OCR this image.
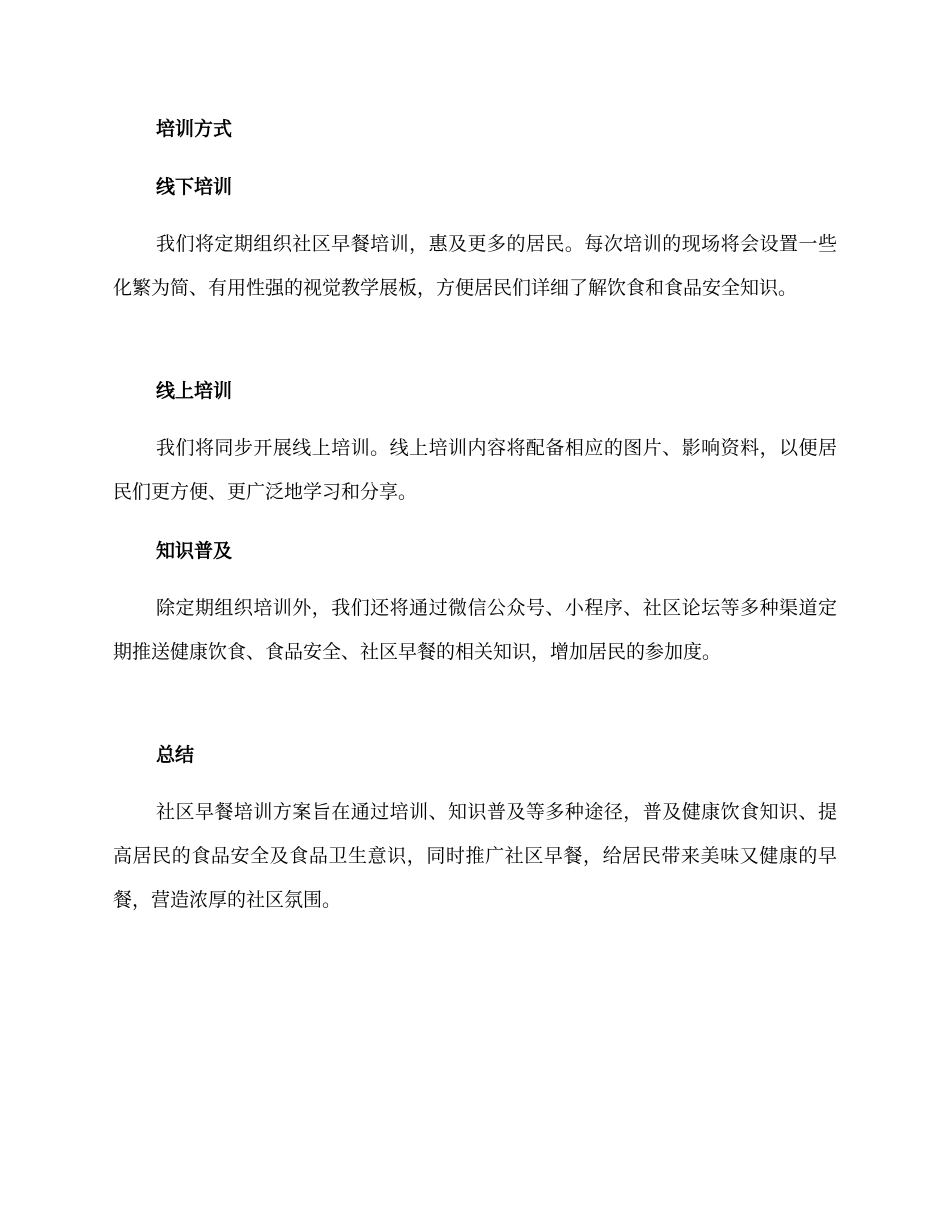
培训方式
线下培训

我们将定期组织社区早餐培训，惠及更多的居民。每次培训的现场将会设置一些化繁为简、有用性强的视觉教学展板，方便居民们详细了解饮食和食品安全知识。

线上培训

我们将同步开展线上培训。线上培训内容将配备相应的图片、影响资料，以便居民们更方便、更广泛地学习和分享。

知识普及

除定期组织培训外，我们还将通过微信公众号、小程序、社区论坛等多种渠道定期推送健康饮食、食品安全、社区早餐的相关知识，增加居民的参加度。

总结

社区早餐培训方案旨在通过培训、知识普及等多种途径，普及健康饮食知识、提高居民的食品安全及食品卫生意识，同时推广社区早餐，给居民带来美味又健康的早餐，营造浓厚的社区氛围。
